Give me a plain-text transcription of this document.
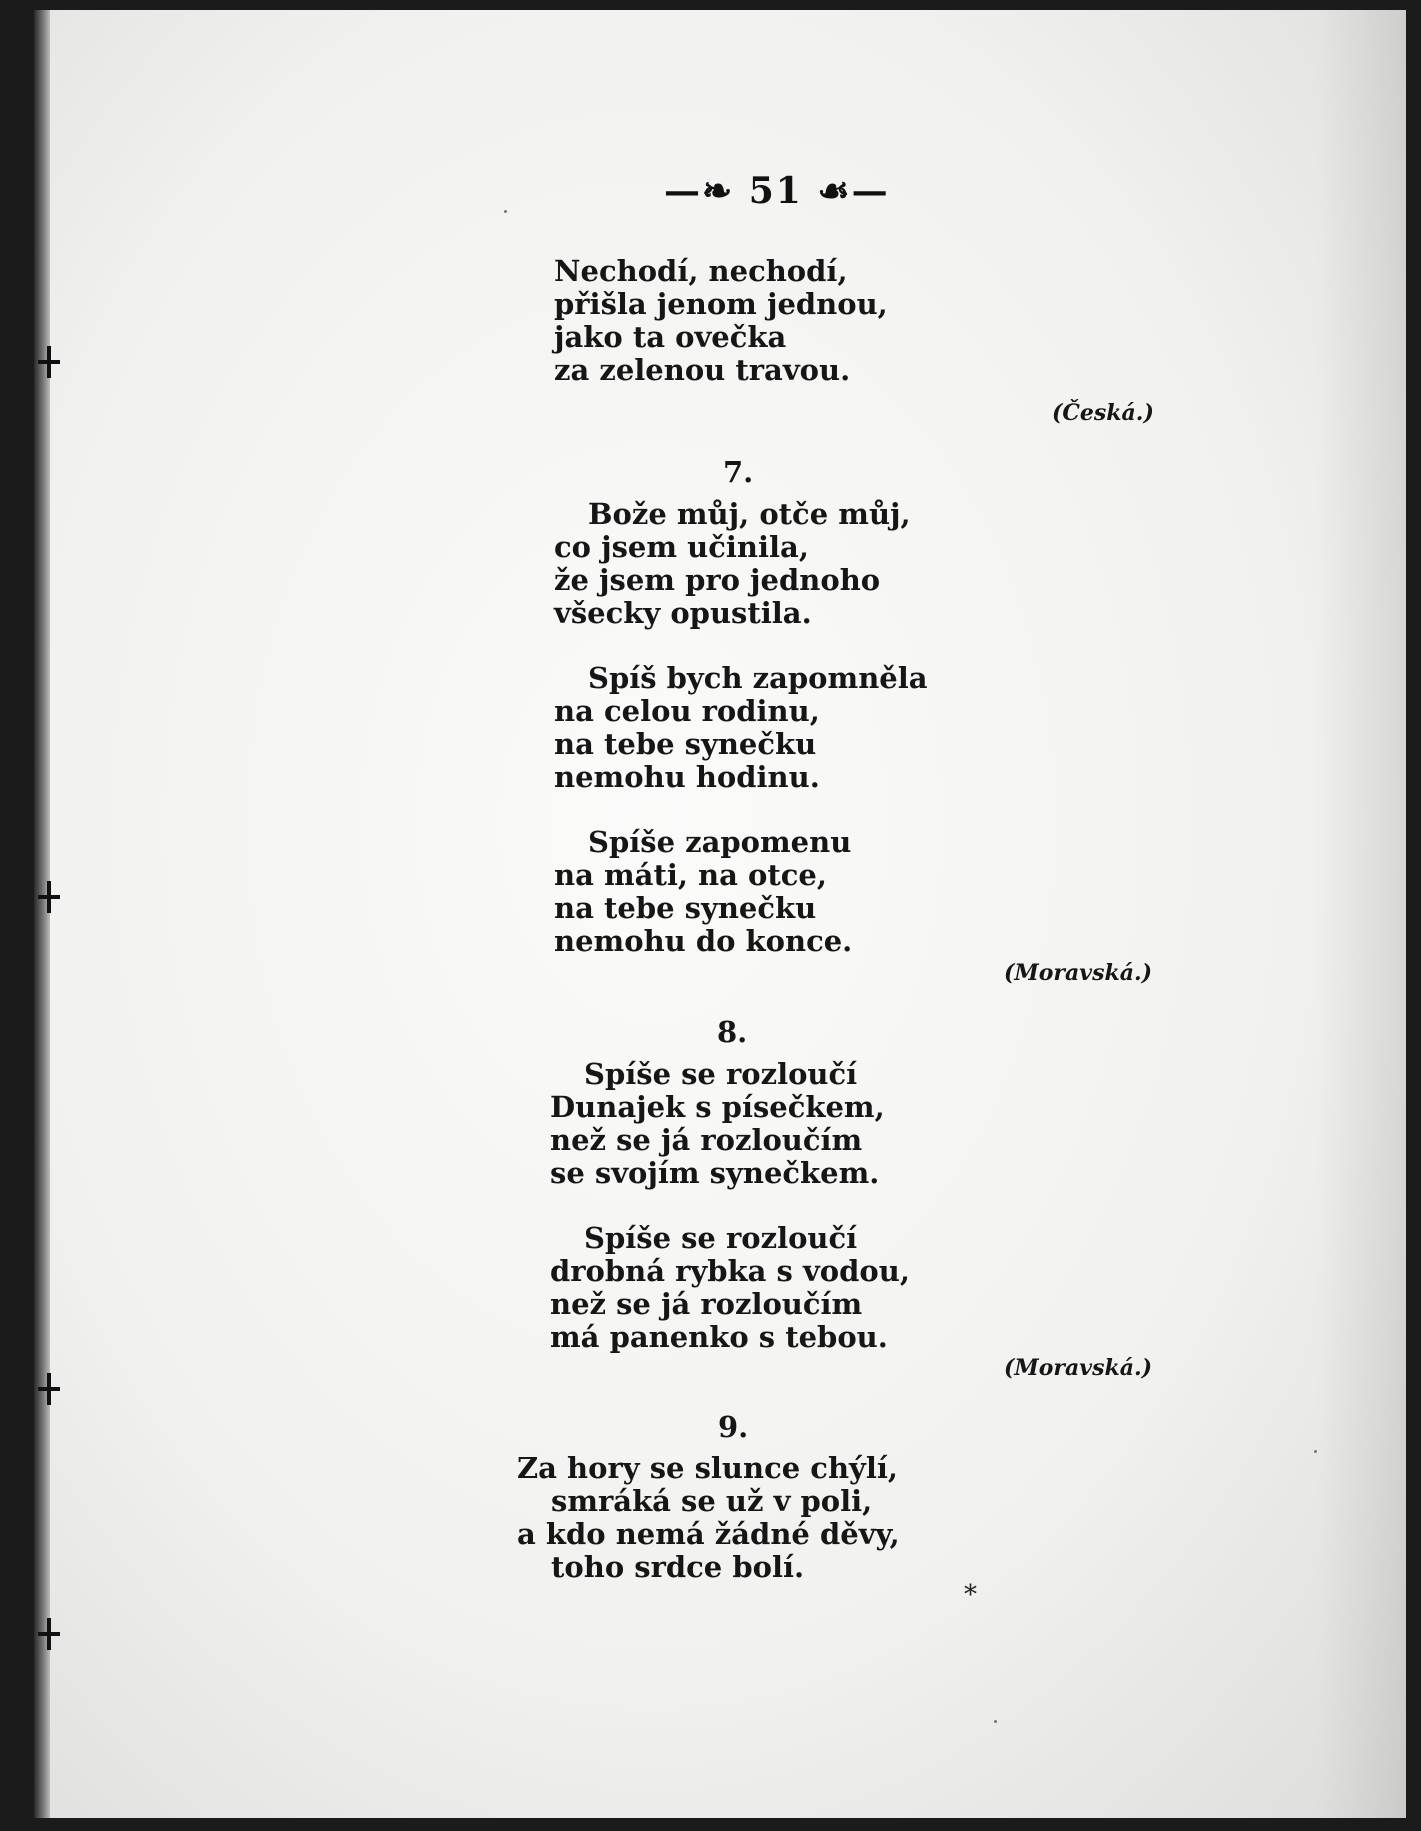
—❧ 51 ☙—
Nechodí, nechodí,
přišla jenom jednou,
jako ta ovečka
za zelenou travou.
(Česká.)
7.
Bože můj, otče můj,
co jsem učinila,
že jsem pro jednoho
všecky opustila.
Spíš bych zapomněla
na celou rodinu,
na tebe synečku
nemohu hodinu.
Spíše zapomenu
na máti, na otce,
na tebe synečku
nemohu do konce.
(Moravská.)
8.
Spíše se rozloučí
Dunajek s písečkem,
než se já rozloučím
se svojím synečkem.
Spíše se rozloučí
drobná rybka s vodou,
než se já rozloučím
má panenko s tebou.
(Moravská.)
9.
Za hory se slunce chýlí,
smráká se už v poli,
a kdo nemá žádné děvy,
toho srdce bolí.
*
